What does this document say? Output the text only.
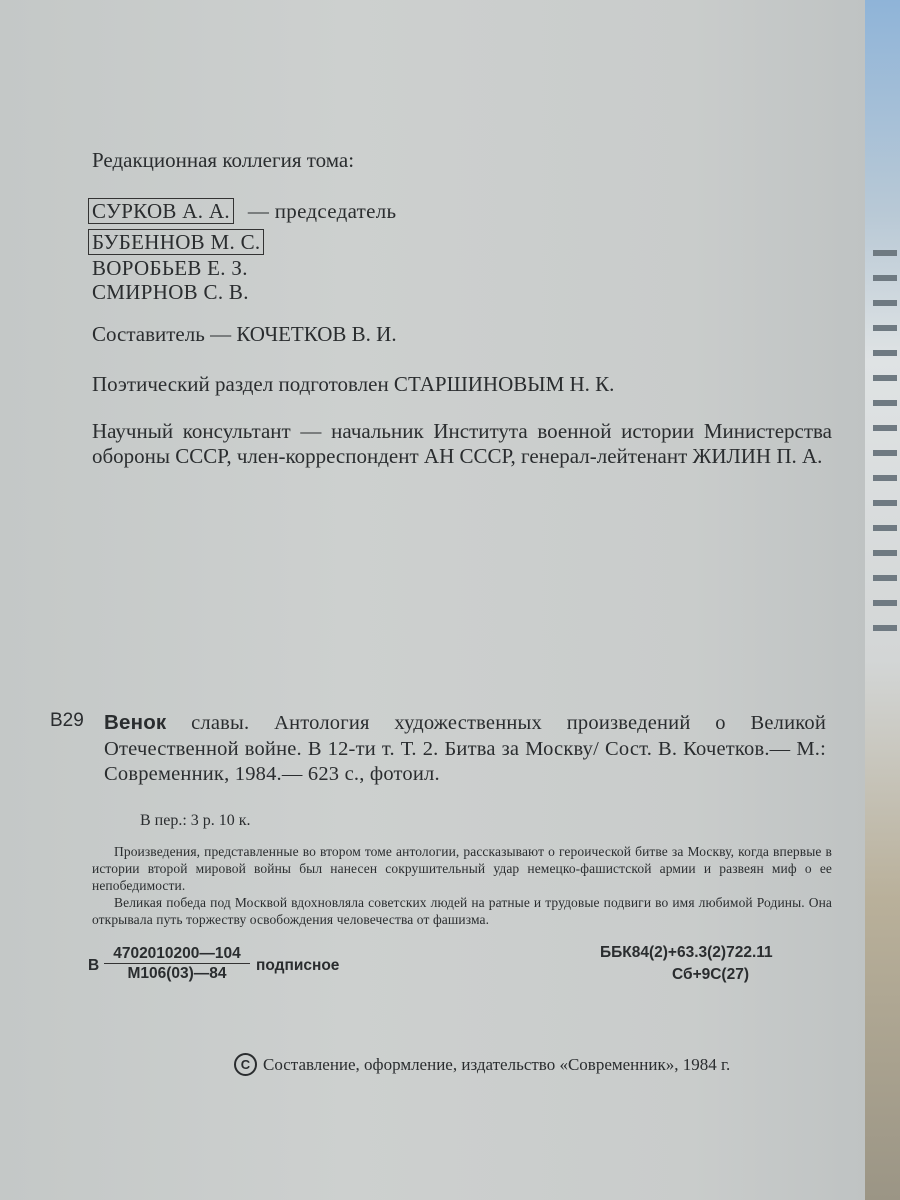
Редакционная коллегия тома:
СУРКОВ А. А. — председатель
БУБЕННОВ М. С.
ВОРОБЬЕВ Е. З.
СМИРНОВ С. В.
Составитель — КОЧЕТКОВ В. И.
Поэтический раздел подготовлен СТАРШИНОВЫМ Н. К.
Научный консультант — начальник Института военной истории Министерства обороны СССР, член-корреспондент АН СССР, генерал-лейтенант ЖИЛИН П. А.
В29 Венок славы. Антология художественных произведений о Великой Отечественной войне. В 12-ти т. Т. 2. Битва за Москву/ Сост. В. Кочетков.— М.: Современник, 1984.— 623 с., фотоил.
В пер.: 3 р. 10 к.

Произведения, представленные во втором томе антологии, рассказывают о героической битве за Москву, когда впервые в истории второй мировой войны был нанесен сокрушительный удар немецко-фашистской армии и развеян миф о ее непобедимости.

Великая победа под Москвой вдохновляла советских людей на ратные и трудовые подвиги во имя любимой Родины. Она открывала путь торжеству освобождения человечества от фашизма.

В
4702010200—104
М106(03)—84	подписное
ББК84(2)+63.3(2)722.11
Сб+9С(27)
C Составление, оформление, издательство «Современник», 1984 г.
